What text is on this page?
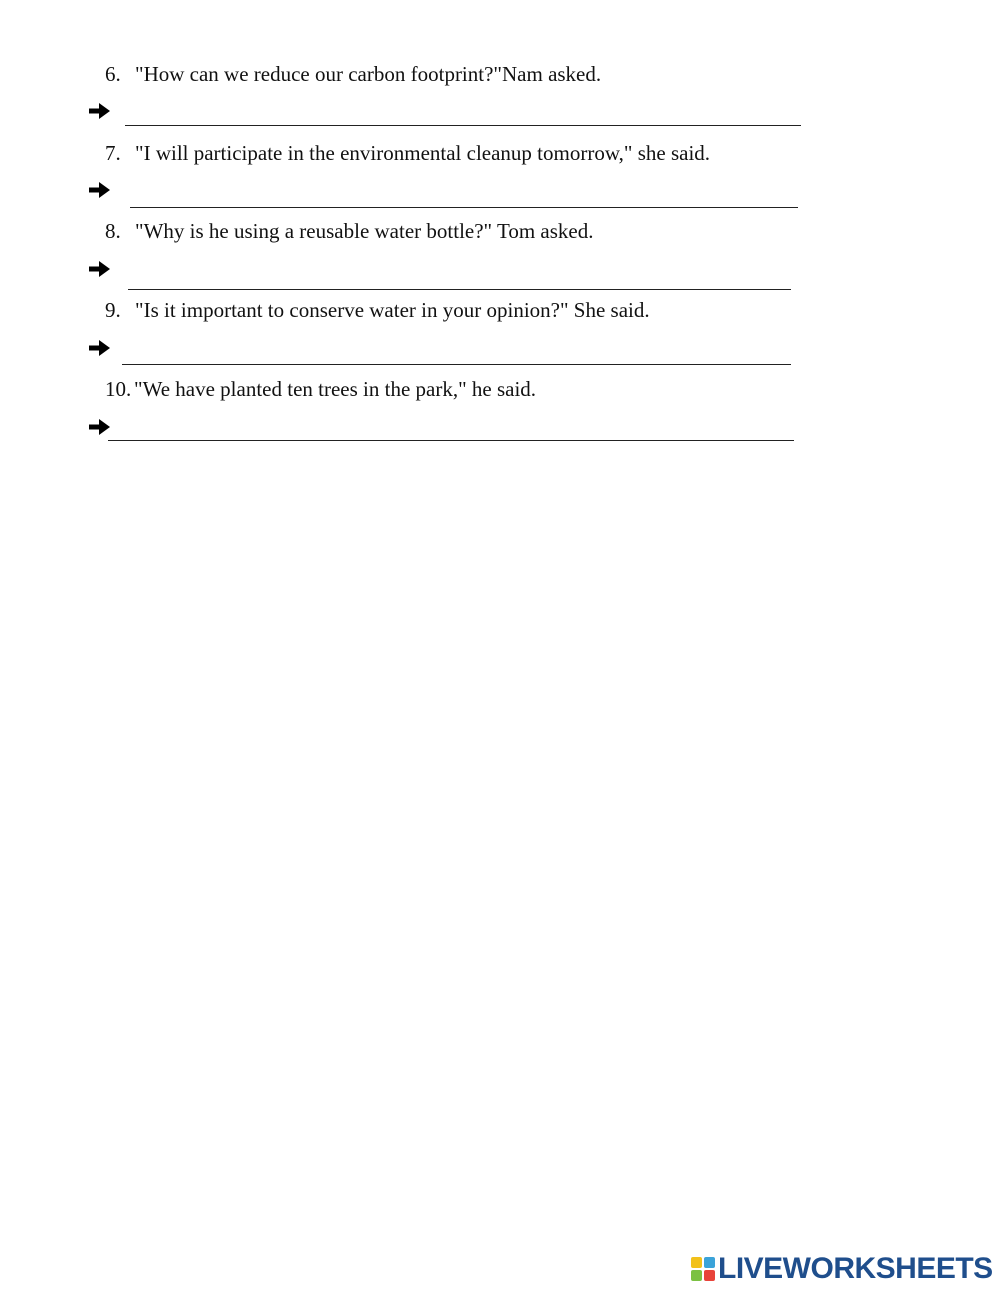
6. "How can we reduce our carbon footprint?"Nam asked.
7. "I will participate in the environmental cleanup tomorrow," she said.
8. "Why is he using a reusable water bottle?" Tom asked.
9. "Is it important to conserve water in your opinion?" She said.
10. "We have planted ten trees in the park," he said.
LIVEWORKSHEETS
